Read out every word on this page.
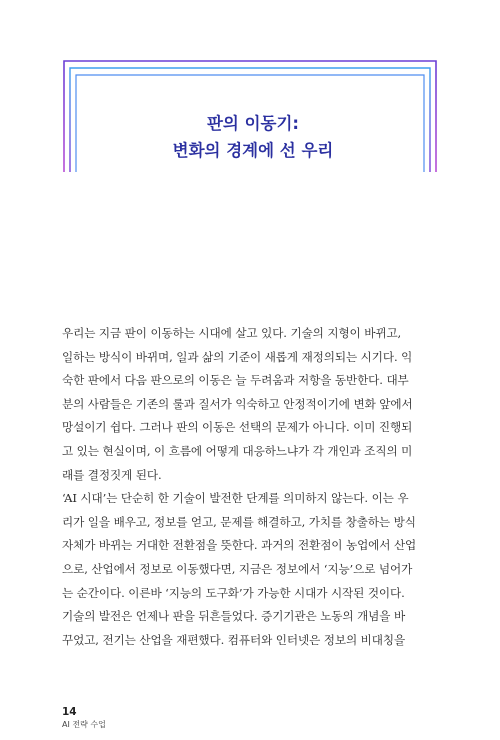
판의 이동기:
변화의 경계에 선 우리
우리는 지금 판이 이동하는 시대에 살고 있다. 기술의 지형이 바뀌고,
일하는 방식이 바뀌며, 일과 삶의 기준이 새롭게 재정의되는 시기다. 익
숙한 판에서 다음 판으로의 이동은 늘 두려움과 저항을 동반한다. 대부
분의 사람들은 기존의 룰과 질서가 익숙하고 안정적이기에 변화 앞에서
망설이기 쉽다. 그러나 판의 이동은 선택의 문제가 아니다. 이미 진행되
고 있는 현실이며, 이 흐름에 어떻게 대응하느냐가 각 개인과 조직의 미
래를 결정짓게 된다.
‘AI 시대’는 단순히 한 기술이 발전한 단계를 의미하지 않는다. 이는 우
리가 일을 배우고, 정보를 얻고, 문제를 해결하고, 가치를 창출하는 방식
자체가 바뀌는 거대한 전환점을 뜻한다. 과거의 전환점이 농업에서 산업
으로, 산업에서 정보로 이동했다면, 지금은 정보에서 ‘지능’으로 넘어가
는 순간이다. 이른바 ‘지능의 도구화’가 가능한 시대가 시작된 것이다.
기술의 발전은 언제나 판을 뒤흔들었다. 증기기관은 노동의 개념을 바
꾸었고, 전기는 산업을 재편했다. 컴퓨터와 인터넷은 정보의 비대칭을
14
AI 전략 수업
